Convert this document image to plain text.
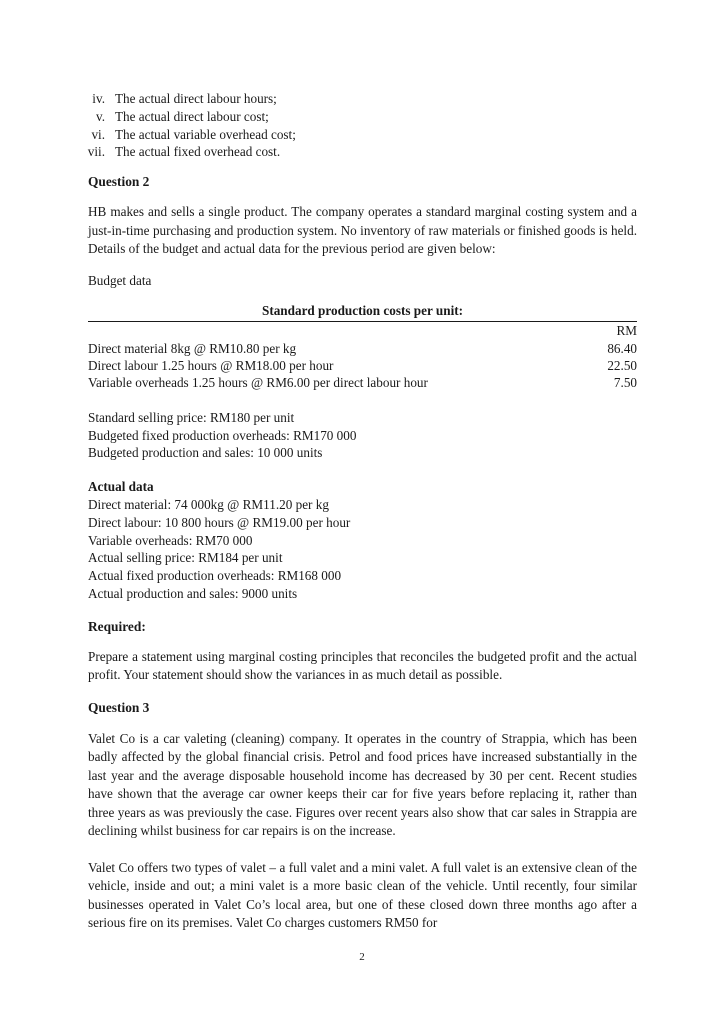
iv. The actual direct labour hours;
v. The actual direct labour cost;
vi. The actual variable overhead cost;
vii. The actual fixed overhead cost.
Question 2

HB makes and sells a single product. The company operates a standard marginal costing system and a just-in-time purchasing and production system. No inventory of raw materials or finished goods is held. Details of the budget and actual data for the previous period are given below:

Budget data

Standard production costs per unit:
RM
Direct material 8kg @ RM10.80 per kg	86.40
Direct labour 1.25 hours @ RM18.00 per hour	22.50
Variable overheads 1.25 hours @ RM6.00 per direct labour hour	7.50
Standard selling price: RM180 per unit
Budgeted fixed production overheads: RM170 000
Budgeted production and sales: 10 000 units
Actual data
Direct material: 74 000kg @ RM11.20 per kg
Direct labour: 10 800 hours @ RM19.00 per hour
Variable overheads: RM70 000
Actual selling price: RM184 per unit
Actual fixed production overheads: RM168 000
Actual production and sales: 9000 units
Required:

Prepare a statement using marginal costing principles that reconciles the budgeted profit and the actual profit. Your statement should show the variances in as much detail as possible.

Question 3

Valet Co is a car valeting (cleaning) company. It operates in the country of Strappia, which has been badly affected by the global financial crisis. Petrol and food prices have increased substantially in the last year and the average disposable household income has decreased by 30 per cent. Recent studies have shown that the average car owner keeps their car for five years before replacing it, rather than three years as was previously the case. Figures over recent years also show that car sales in Strappia are declining whilst business for car repairs is on the increase.

Valet Co offers two types of valet – a full valet and a mini valet. A full valet is an extensive clean of the vehicle, inside and out; a mini valet is a more basic clean of the vehicle. Until recently, four similar businesses operated in Valet Co’s local area, but one of these closed down three months ago after a serious fire on its premises. Valet Co charges customers RM50 for

2
